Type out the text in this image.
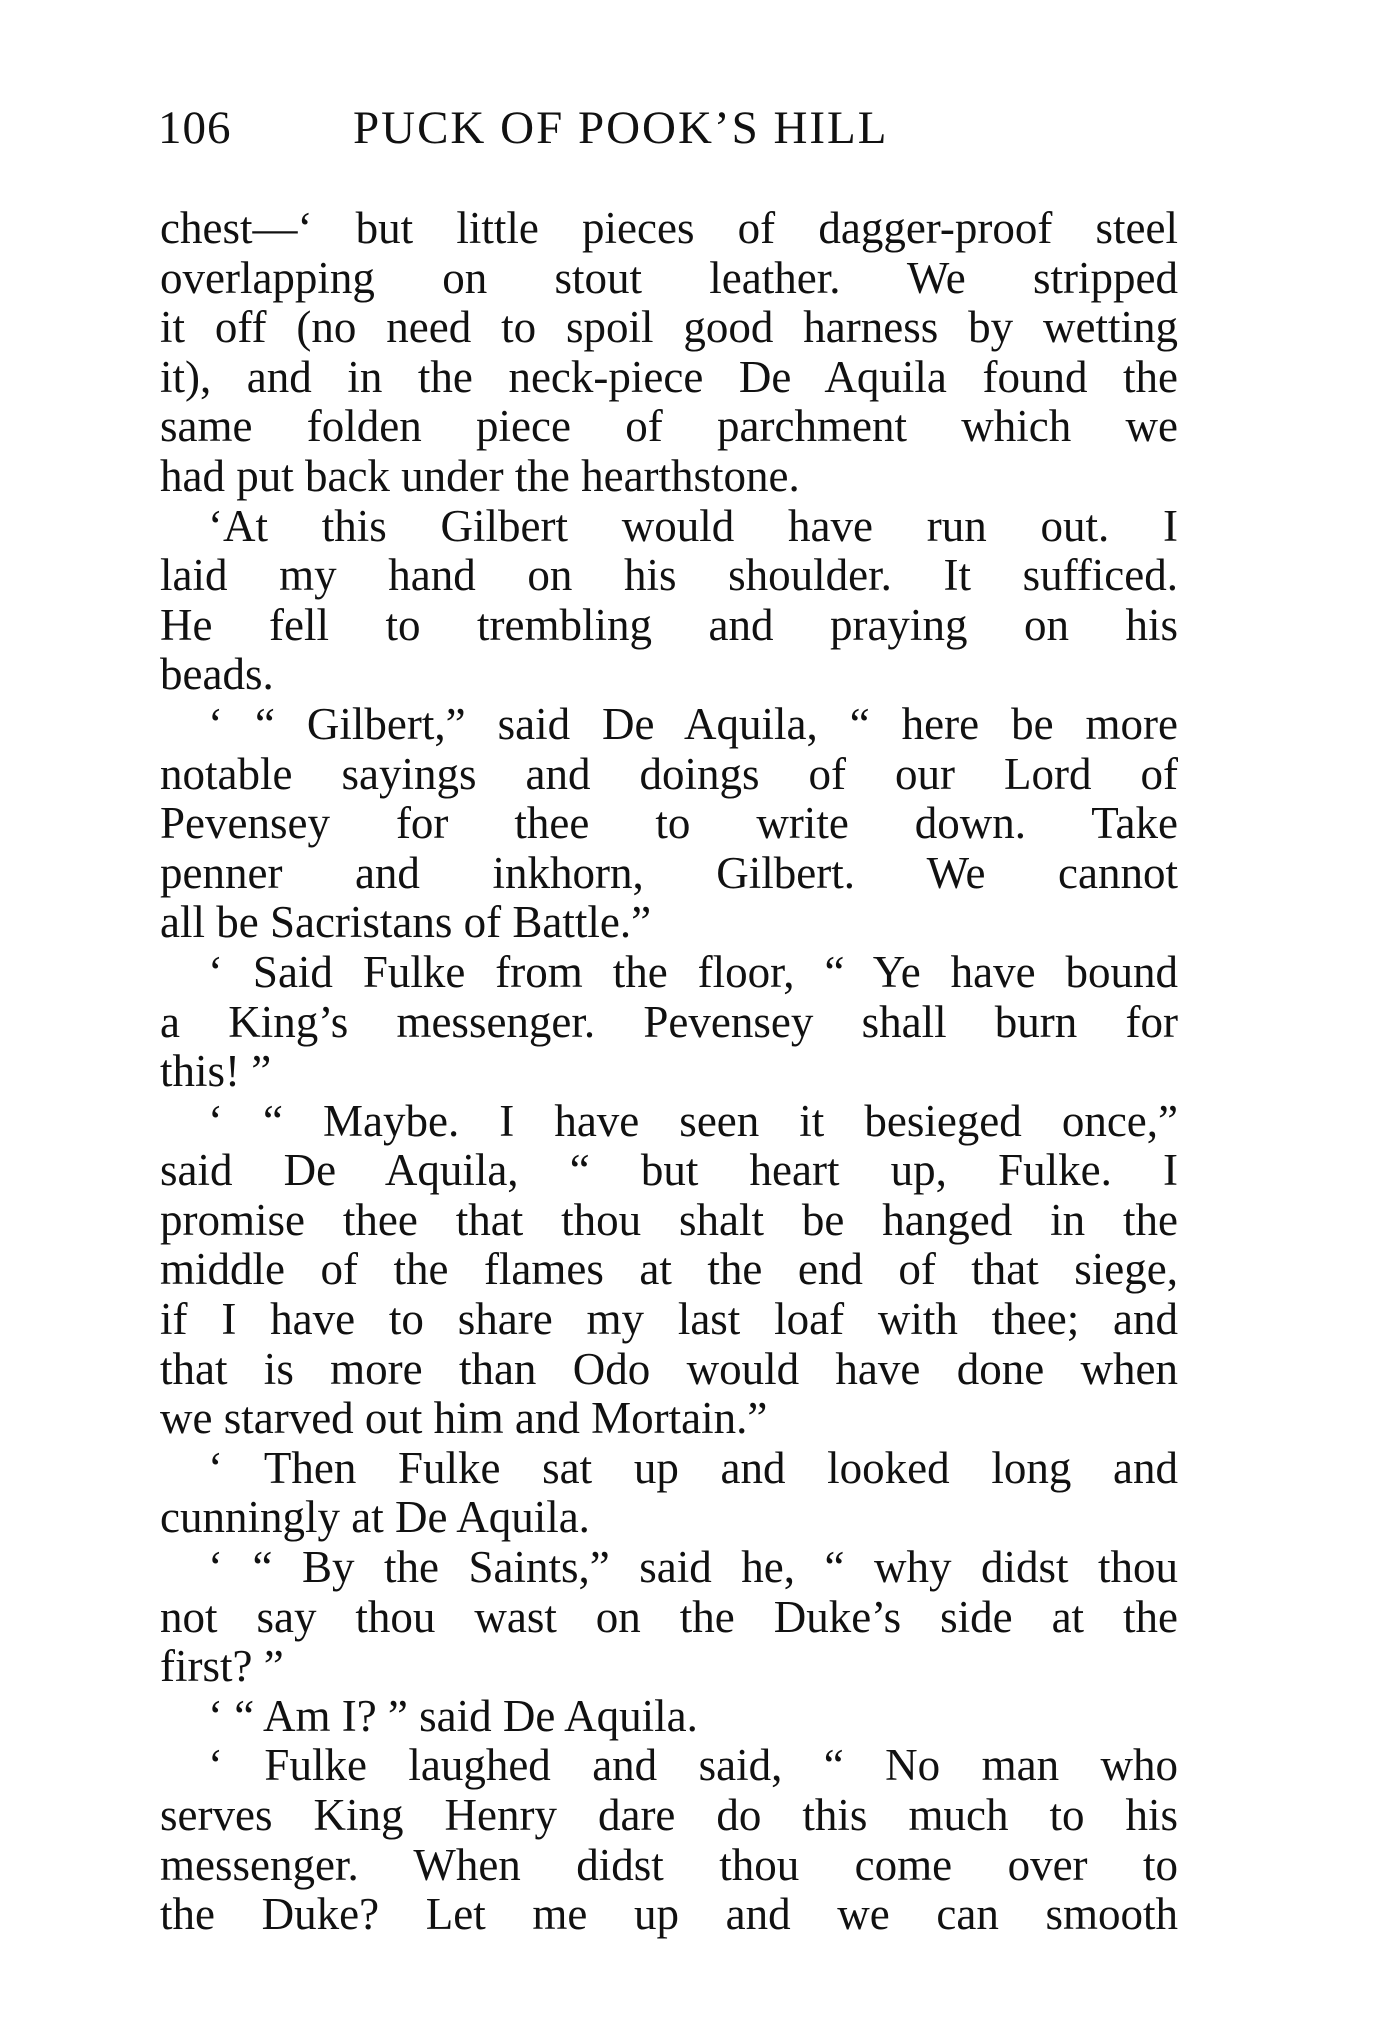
106	PUCK OF POOK’S HILL
chest—‘ but little pieces of dagger-proof steel
overlapping on stout leather. We stripped
it off (no need to spoil good harness by wetting
it), and in the neck-piece De Aquila found the
same folden piece of parchment which we
had put back under the hearthstone.
‘At this Gilbert would have run out. I
laid my hand on his shoulder. It sufficed.
He fell to trembling and praying on his
beads.
‘ “ Gilbert,” said De Aquila, “ here be more
notable sayings and doings of our Lord of
Pevensey for thee to write down. Take
penner and inkhorn, Gilbert. We cannot
all be Sacristans of Battle.”
‘ Said Fulke from the floor, “ Ye have bound
a King’s messenger. Pevensey shall burn for
this! ”
‘ “ Maybe. I have seen it besieged once,”
said De Aquila, “ but heart up, Fulke. I
promise thee that thou shalt be hanged in the
middle of the flames at the end of that siege,
if I have to share my last loaf with thee; and
that is more than Odo would have done when
we starved out him and Mortain.”
‘ Then Fulke sat up and looked long and
cunningly at De Aquila.
‘ “ By the Saints,” said he, “ why didst thou
not say thou wast on the Duke’s side at the
first? ”
‘ “ Am I? ” said De Aquila.
‘ Fulke laughed and said, “ No man who
serves King Henry dare do this much to his
messenger. When didst thou come over to
the Duke? Let me up and we can smooth
